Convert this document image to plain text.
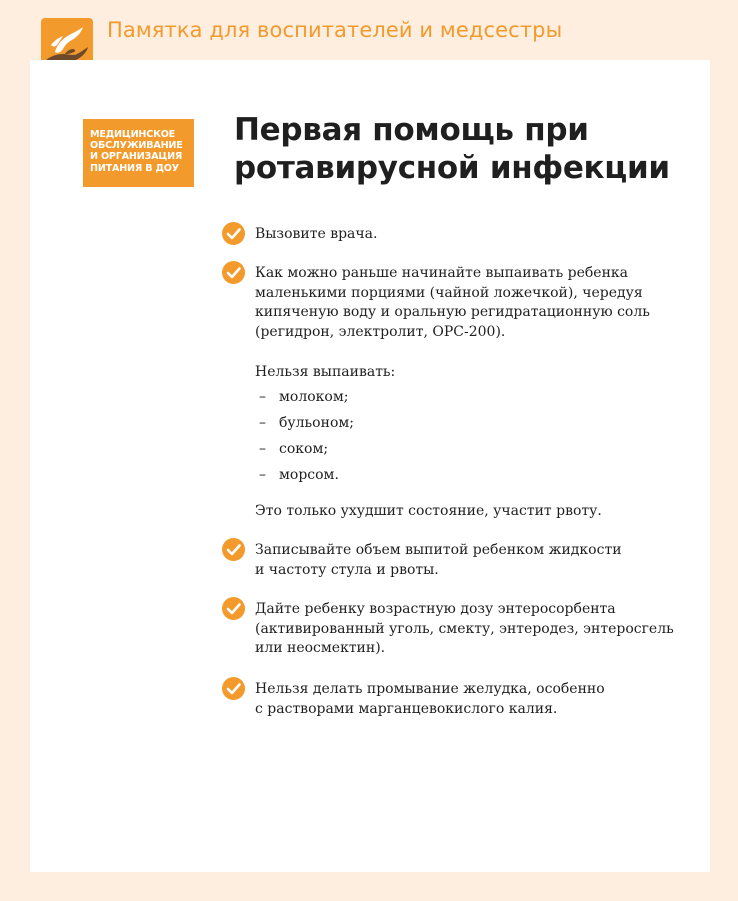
Памятка для воспитателей и медсестры
МЕДИЦИНСКОЕ
ОБСЛУЖИВАНИЕ
И ОРГАНИЗАЦИЯ
ПИТАНИЯ В ДОУ
Первая помощь при
ротавирусной инфекции
Вызовите врача.
Как можно раньше начинайте выпаивать ребенка
маленькими порциями (чайной ложечкой), чередуя
кипяченую воду и оральную регидратационную соль
(регидрон, электролит, ОРС-200).
Нельзя выпаивать:
– молоком;
– бульоном;
– соком;
– морсом.
Это только ухудшит состояние, участит рвоту.
Записывайте объем выпитой ребенком жидкости
и частоту стула и рвоты.
Дайте ребенку возрастную дозу энтеросорбента
(активированный уголь, смекту, энтеродез, энтеросгель
или неосмектин).
Нельзя делать промывание желудка, особенно
с растворами марганцевокислого калия.
